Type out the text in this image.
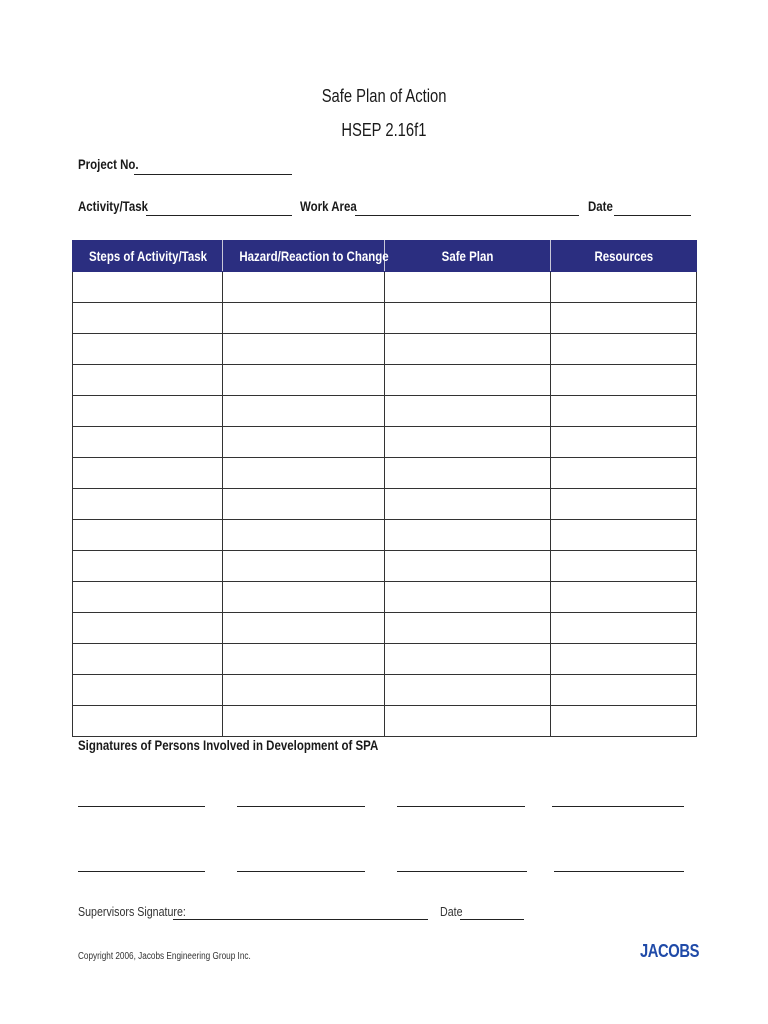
Safe Plan of Action
HSEP 2.16f1
Project No.
Activity/Task	Work Area	Date
Steps of Activity/Task	Hazard/Reaction to Change	Safe Plan	Resources

Signatures of Persons Involved in Development of SPA
Supervisors Signature:	Date
Copyright 2006, Jacobs Engineering Group Inc.	JACOBS
